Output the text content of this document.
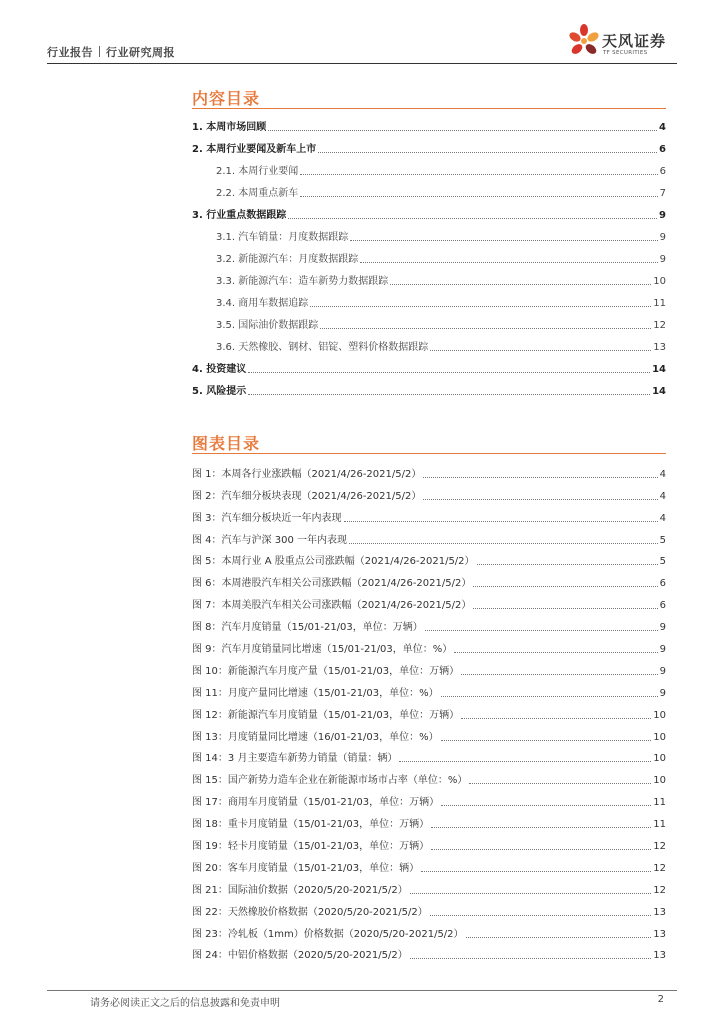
行业报告 行业研究周报
天风证券
TF SECURITIES
内容目录
1. 本周市场回顾	4
2. 本周行业要闻及新车上市	6
2.1. 本周行业要闻	6
2.2. 本周重点新车	7
3. 行业重点数据跟踪	9
3.1. 汽车销量：月度数据跟踪	9
3.2. 新能源汽车：月度数据跟踪	9
3.3. 新能源汽车：造车新势力数据跟踪	10
3.4. 商用车数据追踪	11
3.5. 国际油价数据跟踪	12
3.6. 天然橡胶、钢材、铝锭、塑料价格数据跟踪	13
4. 投资建议	14
5. 风险提示	14
图表目录
图 1：本周各行业涨跌幅（2021/4/26-2021/5/2）	4
图 2：汽车细分板块表现（2021/4/26-2021/5/2）	4
图 3：汽车细分板块近一年内表现	4
图 4：汽车与沪深 300 一年内表现	5
图 5：本周行业 A 股重点公司涨跌幅（2021/4/26-2021/5/2）	5
图 6：本周港股汽车相关公司涨跌幅（2021/4/26-2021/5/2）	6
图 7：本周美股汽车相关公司涨跌幅（2021/4/26-2021/5/2）	6
图 8：汽车月度销量（15/01-21/03，单位：万辆）	9
图 9：汽车月度销量同比增速（15/01-21/03，单位：%）	9
图 10：新能源汽车月度产量（15/01-21/03，单位：万辆）	9
图 11：月度产量同比增速（15/01-21/03，单位：%）	9
图 12：新能源汽车月度销量（15/01-21/03，单位：万辆）	10
图 13：月度销量同比增速（16/01-21/03，单位：%）	10
图 14：3 月主要造车新势力销量（销量：辆）	10
图 15：国产新势力造车企业在新能源市场市占率（单位：%）	10
图 17：商用车月度销量（15/01-21/03，单位：万辆）	11
图 18：重卡月度销量（15/01-21/03，单位：万辆）	11
图 19：轻卡月度销量（15/01-21/03，单位：万辆）	12
图 20：客车月度销量（15/01-21/03，单位：辆）	12
图 21：国际油价数据（2020/5/20-2021/5/2）	12
图 22：天然橡胶价格数据（2020/5/20-2021/5/2）	13
图 23：冷轧板（1mm）价格数据（2020/5/20-2021/5/2）	13
图 24：中铝价格数据（2020/5/20-2021/5/2）	13
请务必阅读正文之后的信息披露和免责申明	2
